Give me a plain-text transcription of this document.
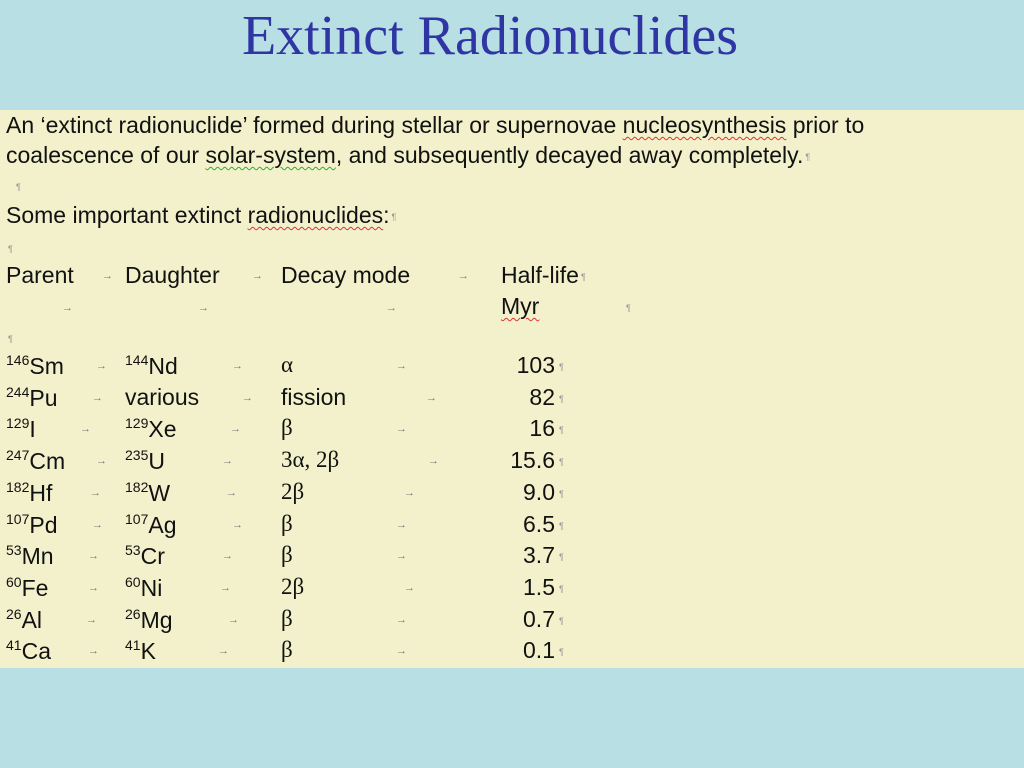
Extinct Radionuclides
An ‘extinct radionuclide’ formed during stellar or supernovae nucleosynthesis prior to
coalescence of our solar-system, and subsequently decayed away completely. ¶
¶
Some important extinct radionuclides: ¶
¶
Parent	→ Daughter	→ Decay mode	→ Half-life ¶
→	→	→	Myr	¶
¶
$^{146}$Sm	→ $^{144}$Nd	→ α	→	103 ¶
$^{244}$Pu	→ various	→ fission	→	82 ¶
$^{129}$I	→ $^{129}$Xe	→ β	→	16 ¶
$^{247}$Cm	→ $^{235}$U	→ 3α, 2β	→	15.6 ¶
$^{182}$Hf	→ $^{182}$W	→ 2β	→	9.0 ¶
$^{107}$Pd	→ $^{107}$Ag	→ β	→	6.5 ¶
$^{53}$Mn	→ $^{53}$Cr	→ β	→	3.7 ¶
$^{60}$Fe	→ $^{60}$Ni	→ 2β	→	1.5 ¶
$^{26}$Al	→ $^{26}$Mg	→ β	→	0.7 ¶
$^{41}$Ca	→ $^{41}$K	→ β	→	0.1 ¶
